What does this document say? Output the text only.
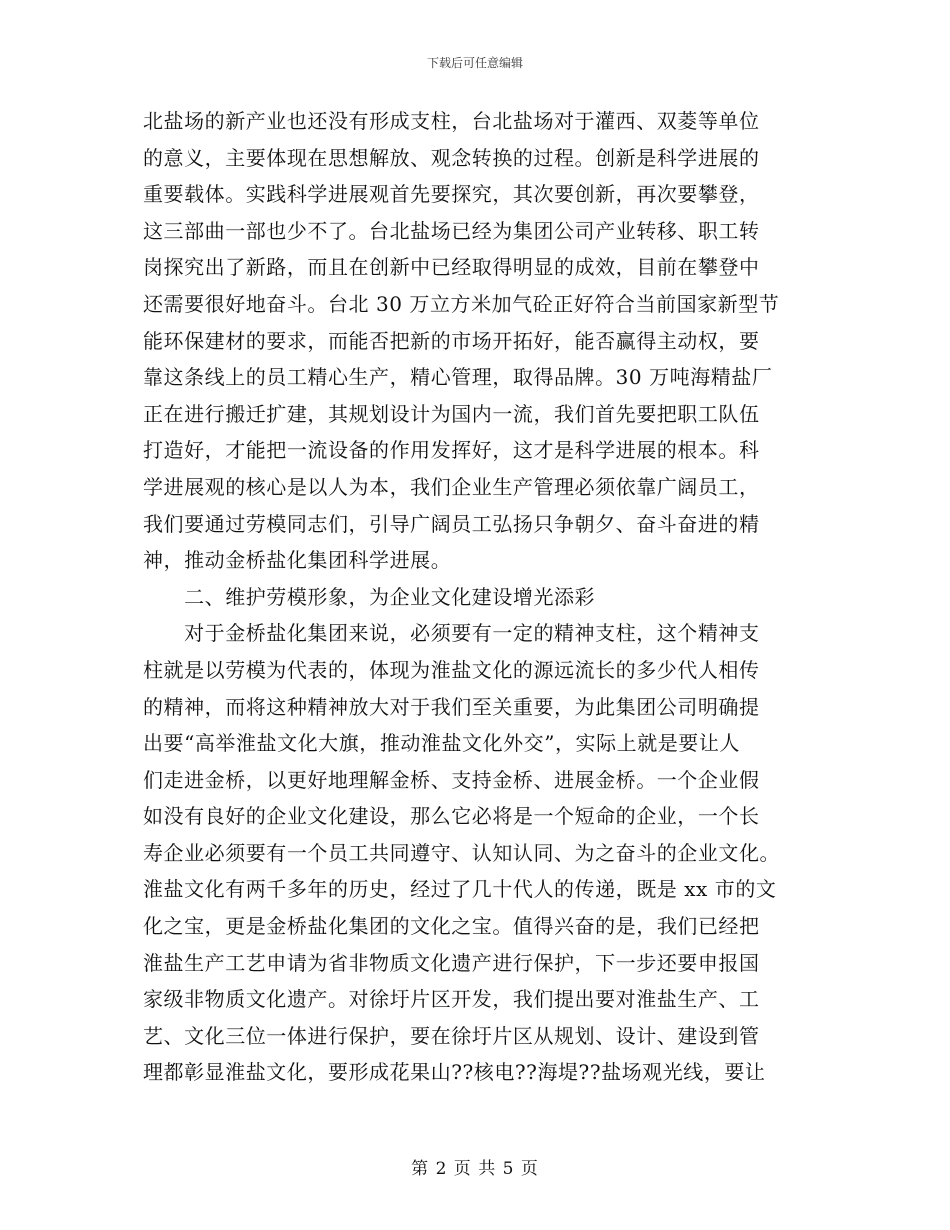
下载后可任意编辑
北盐场的新产业也还没有形成支柱，台北盐场对于灌西、双菱等单位
的意义，主要体现在思想解放、观念转换的过程。创新是科学进展的
重要载体。实践科学进展观首先要探究，其次要创新，再次要攀登，
这三部曲一部也少不了。台北盐场已经为集团公司产业转移、职工转
岗探究出了新路，而且在创新中已经取得明显的成效，目前在攀登中
还需要很好地奋斗。台北 30 万立方米加气砼正好符合当前国家新型节
能环保建材的要求，而能否把新的市场开拓好，能否赢得主动权，要
靠这条线上的员工精心生产，精心管理，取得品牌。30 万吨海精盐厂
正在进行搬迁扩建，其规划设计为国内一流，我们首先要把职工队伍
打造好，才能把一流设备的作用发挥好，这才是科学进展的根本。科
学进展观的核心是以人为本，我们企业生产管理必须依靠广阔员工，
我们要通过劳模同志们，引导广阔员工弘扬只争朝夕、奋斗奋进的精
神，推动金桥盐化集团科学进展。
　　二、维护劳模形象，为企业文化建设增光添彩
　　对于金桥盐化集团来说，必须要有一定的精神支柱，这个精神支
柱就是以劳模为代表的，体现为淮盐文化的源远流长的多少代人相传
的精神，而将这种精神放大对于我们至关重要，为此集团公司明确提
出要“高举淮盐文化大旗，推动淮盐文化外交”，实际上就是要让人
们走进金桥，以更好地理解金桥、支持金桥、进展金桥。一个企业假
如没有良好的企业文化建设，那么它必将是一个短命的企业，一个长
寿企业必须要有一个员工共同遵守、认知认同、为之奋斗的企业文化。
淮盐文化有两千多年的历史，经过了几十代人的传递，既是 xx 市的文
化之宝，更是金桥盐化集团的文化之宝。值得兴奋的是，我们已经把
淮盐生产工艺申请为省非物质文化遗产进行保护，下一步还要申报国
家级非物质文化遗产。对徐圩片区开发，我们提出要对淮盐生产、工
艺、文化三位一体进行保护，要在徐圩片区从规划、设计、建设到管
理都彰显淮盐文化，要形成花果山??核电??海堤??盐场观光线，要让
第 2 页 共 5 页
